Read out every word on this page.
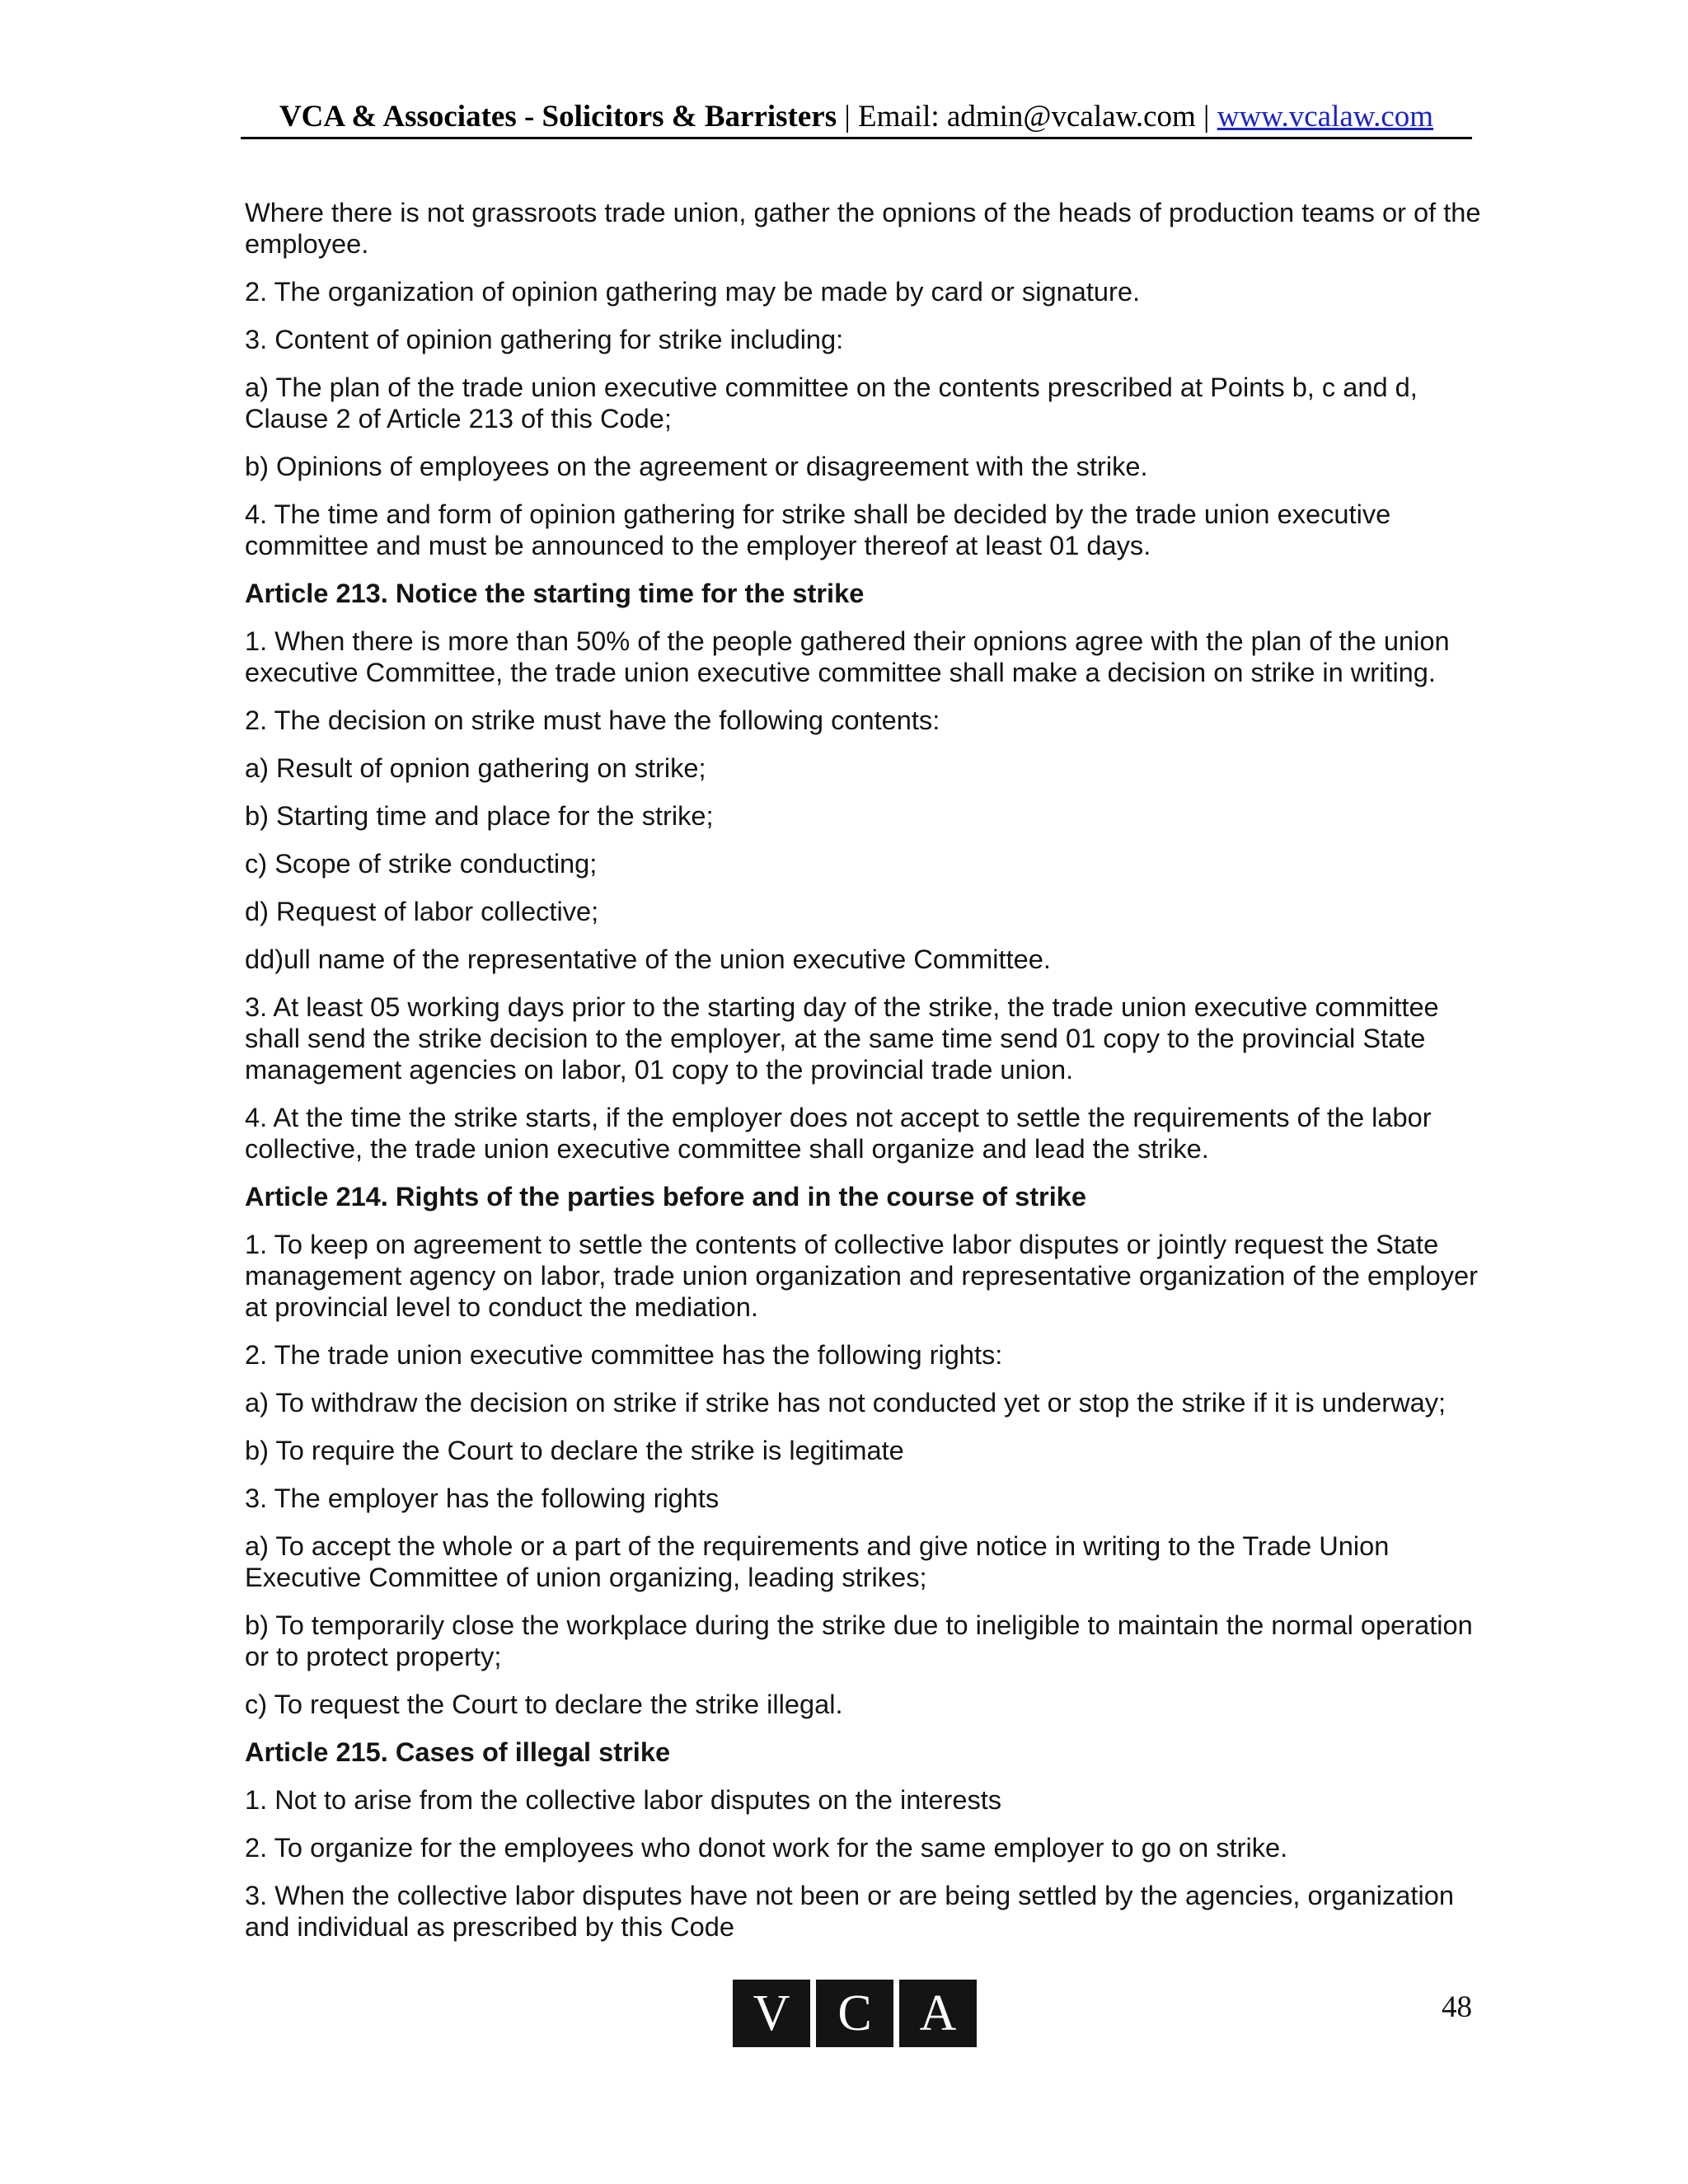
VCA & Associates - Solicitors & Barristers | Email: admin@vcalaw.com | www.vcalaw.com

Where there is not grassroots trade union, gather the opnions of the heads of production teams or of the employee.

2. The organization of opinion gathering may be made by card or signature.

3. Content of opinion gathering for strike including:

a) The plan of the trade union executive committee on the contents prescribed at Points b, c and d, Clause 2 of Article 213 of this Code;

b) Opinions of employees on the agreement or disagreement with the strike.

4. The time and form of opinion gathering for strike shall be decided by the trade union executive committee and must be announced to the employer thereof at least 01 days.

Article 213. Notice the starting time for the strike

1. When there is more than 50% of the people gathered their opnions agree with the plan of the union executive Committee, the trade union executive committee shall make a decision on strike in writing.

2. The decision on strike must have the following contents:

a) Result of opnion gathering on strike;

b) Starting time and place for the strike;

c) Scope of strike conducting;

d) Request of labor collective;

dd)ull name of the representative of the union executive Committee.

3. At least 05 working days prior to the starting day of the strike, the trade union executive committee shall send the strike decision to the employer, at the same time send 01 copy to the provincial State management agencies on labor, 01 copy to the provincial trade union.

4. At the time the strike starts, if the employer does not accept to settle the requirements of the labor collective, the trade union executive committee shall organize and lead the strike.

Article 214. Rights of the parties before and in the course of strike

1. To keep on agreement to settle the contents of collective labor disputes or jointly request the State management agency on labor, trade union organization and representative organization of the employer at provincial level to conduct the mediation.

2. The trade union executive committee has the following rights:

a) To withdraw the decision on strike if strike has not conducted yet or stop the strike if it is underway;

b) To require the Court to declare the strike is legitimate

3. The employer has the following rights

a) To accept the whole or a part of the requirements and give notice in writing to the Trade Union Executive Committee of union organizing, leading strikes;

b) To temporarily close the workplace during the strike due to ineligible to maintain the normal operation or to protect property;

c) To request the Court to declare the strike illegal.

Article 215. Cases of illegal strike

1. Not to arise from the collective labor disputes on the interests

2. To organize for the employees who donot work for the same employer to go on strike.

3. When the collective labor disputes have not been or are being settled by the agencies, organization and individual as prescribed by this Code

V C A	48
